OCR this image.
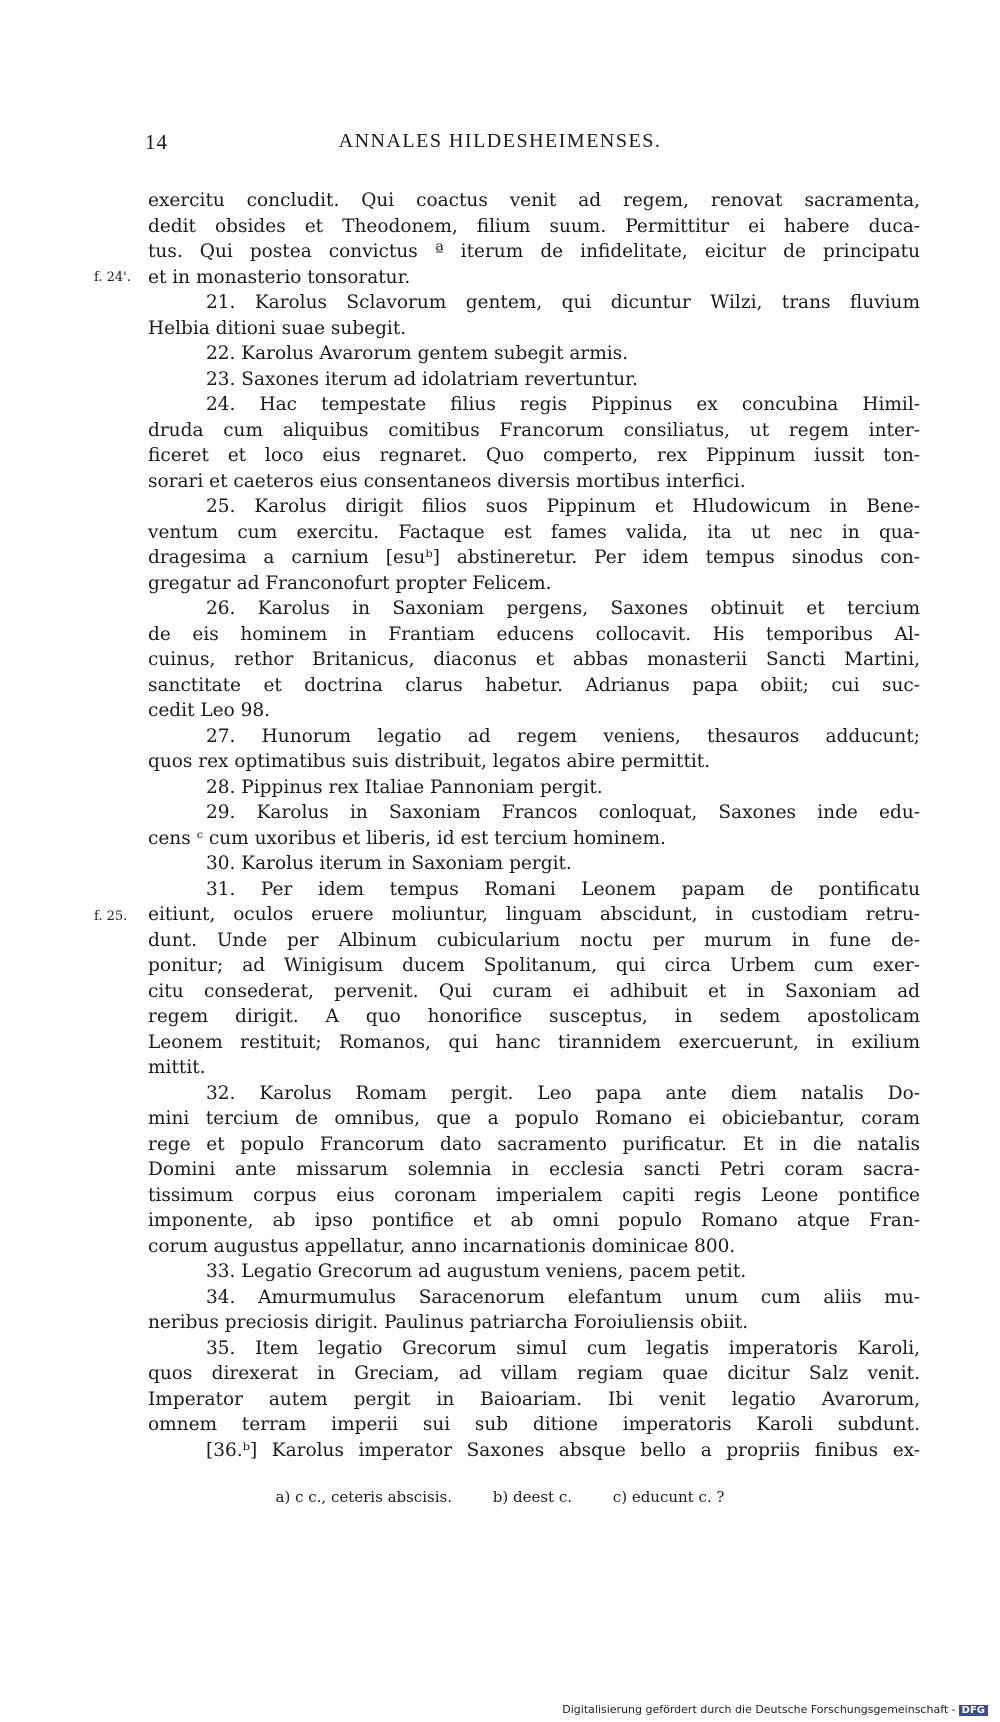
14	ANNALES HILDESHEIMENSES.
f. 24'.
f. 25.
exercitu concludit. Qui coactus venit ad regem, renovat sacramenta,
dedit obsides et Theodonem, filium suum. Permittitur ei habere duca-
tus. Qui postea convictus ª iterum de infidelitate, eicitur de principatu
et in monasterio tonsoratur.
21. Karolus Sclavorum gentem, qui dicuntur Wilzi, trans fluvium
Helbia ditioni suae subegit.
22. Karolus Avarorum gentem subegit armis.
23. Saxones iterum ad idolatriam revertuntur.
24. Hac tempestate filius regis Pippinus ex concubina Himil-
druda cum aliquibus comitibus Francorum consiliatus, ut regem inter-
ficeret et loco eius regnaret. Quo comperto, rex Pippinum iussit ton-
sorari et caeteros eius consentaneos diversis mortibus interfici.
25. Karolus dirigit filios suos Pippinum et Hludowicum in Bene-
ventum cum exercitu. Factaque est fames valida, ita ut nec in qua-
dragesima a carnium [esuᵇ] abstineretur. Per idem tempus sinodus con-
gregatur ad Franconofurt propter Felicem.
26. Karolus in Saxoniam pergens, Saxones obtinuit et tercium
de eis hominem in Frantiam educens collocavit. His temporibus Al-
cuinus, rethor Britanicus, diaconus et abbas monasterii Sancti Martini,
sanctitate et doctrina clarus habetur. Adrianus papa obiit; cui suc-
cedit Leo 98.
27. Hunorum legatio ad regem veniens, thesauros adducunt;
quos rex optimatibus suis distribuit, legatos abire permittit.
28. Pippinus rex Italiae Pannoniam pergit.
29. Karolus in Saxoniam Francos conloquat, Saxones inde edu-
cens ᶜ cum uxoribus et liberis, id est tercium hominem.
30. Karolus iterum in Saxoniam pergit.
31. Per idem tempus Romani Leonem papam de pontificatu
eitiunt, oculos eruere moliuntur, linguam abscidunt, in custodiam retru-
dunt. Unde per Albinum cubicularium noctu per murum in fune de-
ponitur; ad Winigisum ducem Spolitanum, qui circa Urbem cum exer-
citu consederat, pervenit. Qui curam ei adhibuit et in Saxoniam ad
regem dirigit. A quo honorifice susceptus, in sedem apostolicam
Leonem restituit; Romanos, qui hanc tirannidem exercuerunt, in exilium
mittit.
32. Karolus Romam pergit. Leo papa ante diem natalis Do-
mini tercium de omnibus, que a populo Romano ei obiciebantur, coram
rege et populo Francorum dato sacramento purificatur. Et in die natalis
Domini ante missarum solemnia in ecclesia sancti Petri coram sacra-
tissimum corpus eius coronam imperialem capiti regis Leone pontifice
imponente, ab ipso pontifice et ab omni populo Romano atque Fran-
corum augustus appellatur, anno incarnationis dominicae 800.
33. Legatio Grecorum ad augustum veniens, pacem petit.
34. Amurmumulus Saracenorum elefantum unum cum aliis mu-
neribus preciosis dirigit. Paulinus patriarcha Foroiuliensis obiit.
35. Item legatio Grecorum simul cum legatis imperatoris Karoli,
quos direxerat in Greciam, ad villam regiam quae dicitur Salz venit.
Imperator autem pergit in Baioariam. Ibi venit legatio Avarorum,
omnem terram imperii sui sub ditione imperatoris Karoli subdunt.
[36.ᵇ] Karolus imperator Saxones absque bello a propriis finibus ex-
a) c c., ceteris abscisis.	b) deest c.	c) educunt c. ?
Digitalisierung gefördert durch die Deutsche Forschungsgemeinschaft - DFG
